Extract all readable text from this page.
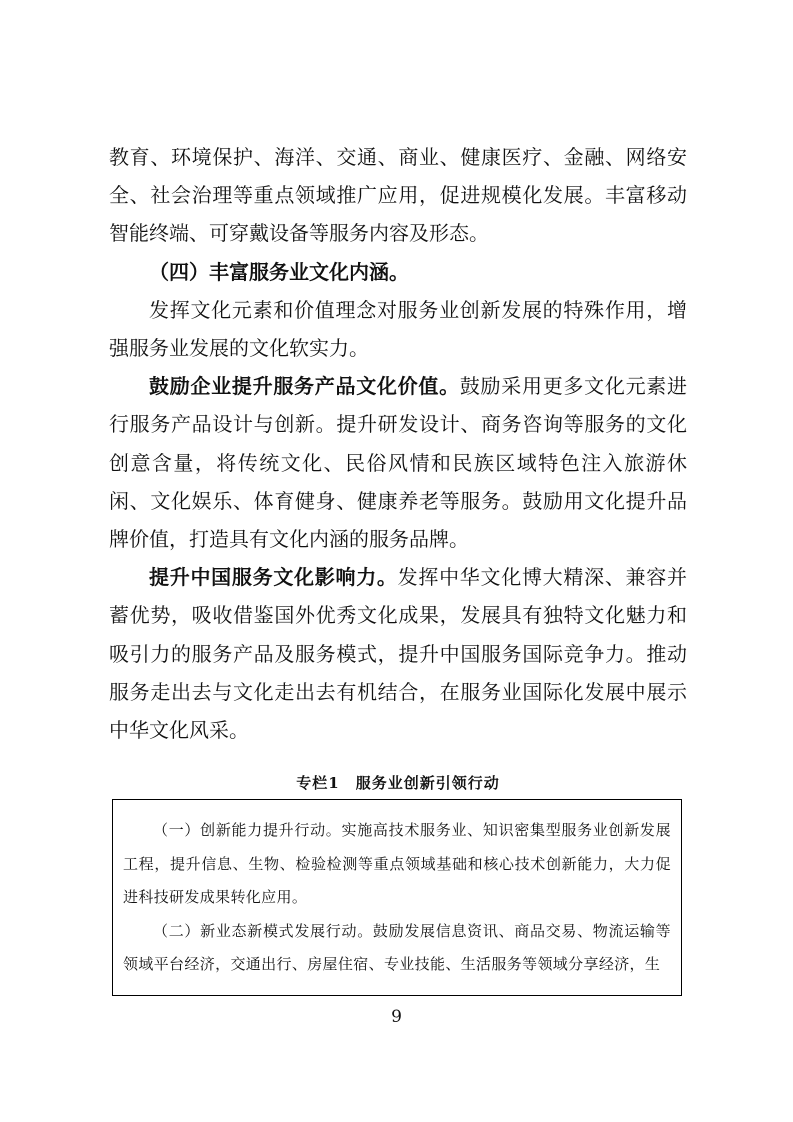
教育、环境保护、海洋、交通、商业、健康医疗、金融、网络安全、社会治理等重点领域推广应用，促进规模化发展。丰富移动智能终端、可穿戴设备等服务内容及形态。

（四）丰富服务业文化内涵。

发挥文化元素和价值理念对服务业创新发展的特殊作用，增强服务业发展的文化软实力。

鼓励企业提升服务产品文化价值。鼓励采用更多文化元素进行服务产品设计与创新。提升研发设计、商务咨询等服务的文化创意含量，将传统文化、民俗风情和民族区域特色注入旅游休闲、文化娱乐、体育健身、健康养老等服务。鼓励用文化提升品牌价值，打造具有文化内涵的服务品牌。

提升中国服务文化影响力。发挥中华文化博大精深、兼容并蓄优势，吸收借鉴国外优秀文化成果，发展具有独特文化魅力和吸引力的服务产品及服务模式，提升中国服务国际竞争力。推动服务走出去与文化走出去有机结合，在服务业国际化发展中展示中华文化风采。

专栏1　服务业创新引领行动

（一）创新能力提升行动。实施高技术服务业、知识密集型服务业创新发展工程，提升信息、生物、检验检测等重点领域基础和核心技术创新能力，大力促进科技研发成果转化应用。

（二）新业态新模式发展行动。鼓励发展信息资讯、商品交易、物流运输等领域平台经济，交通出行、房屋住宿、专业技能、生活服务等领域分享经济，生

9
